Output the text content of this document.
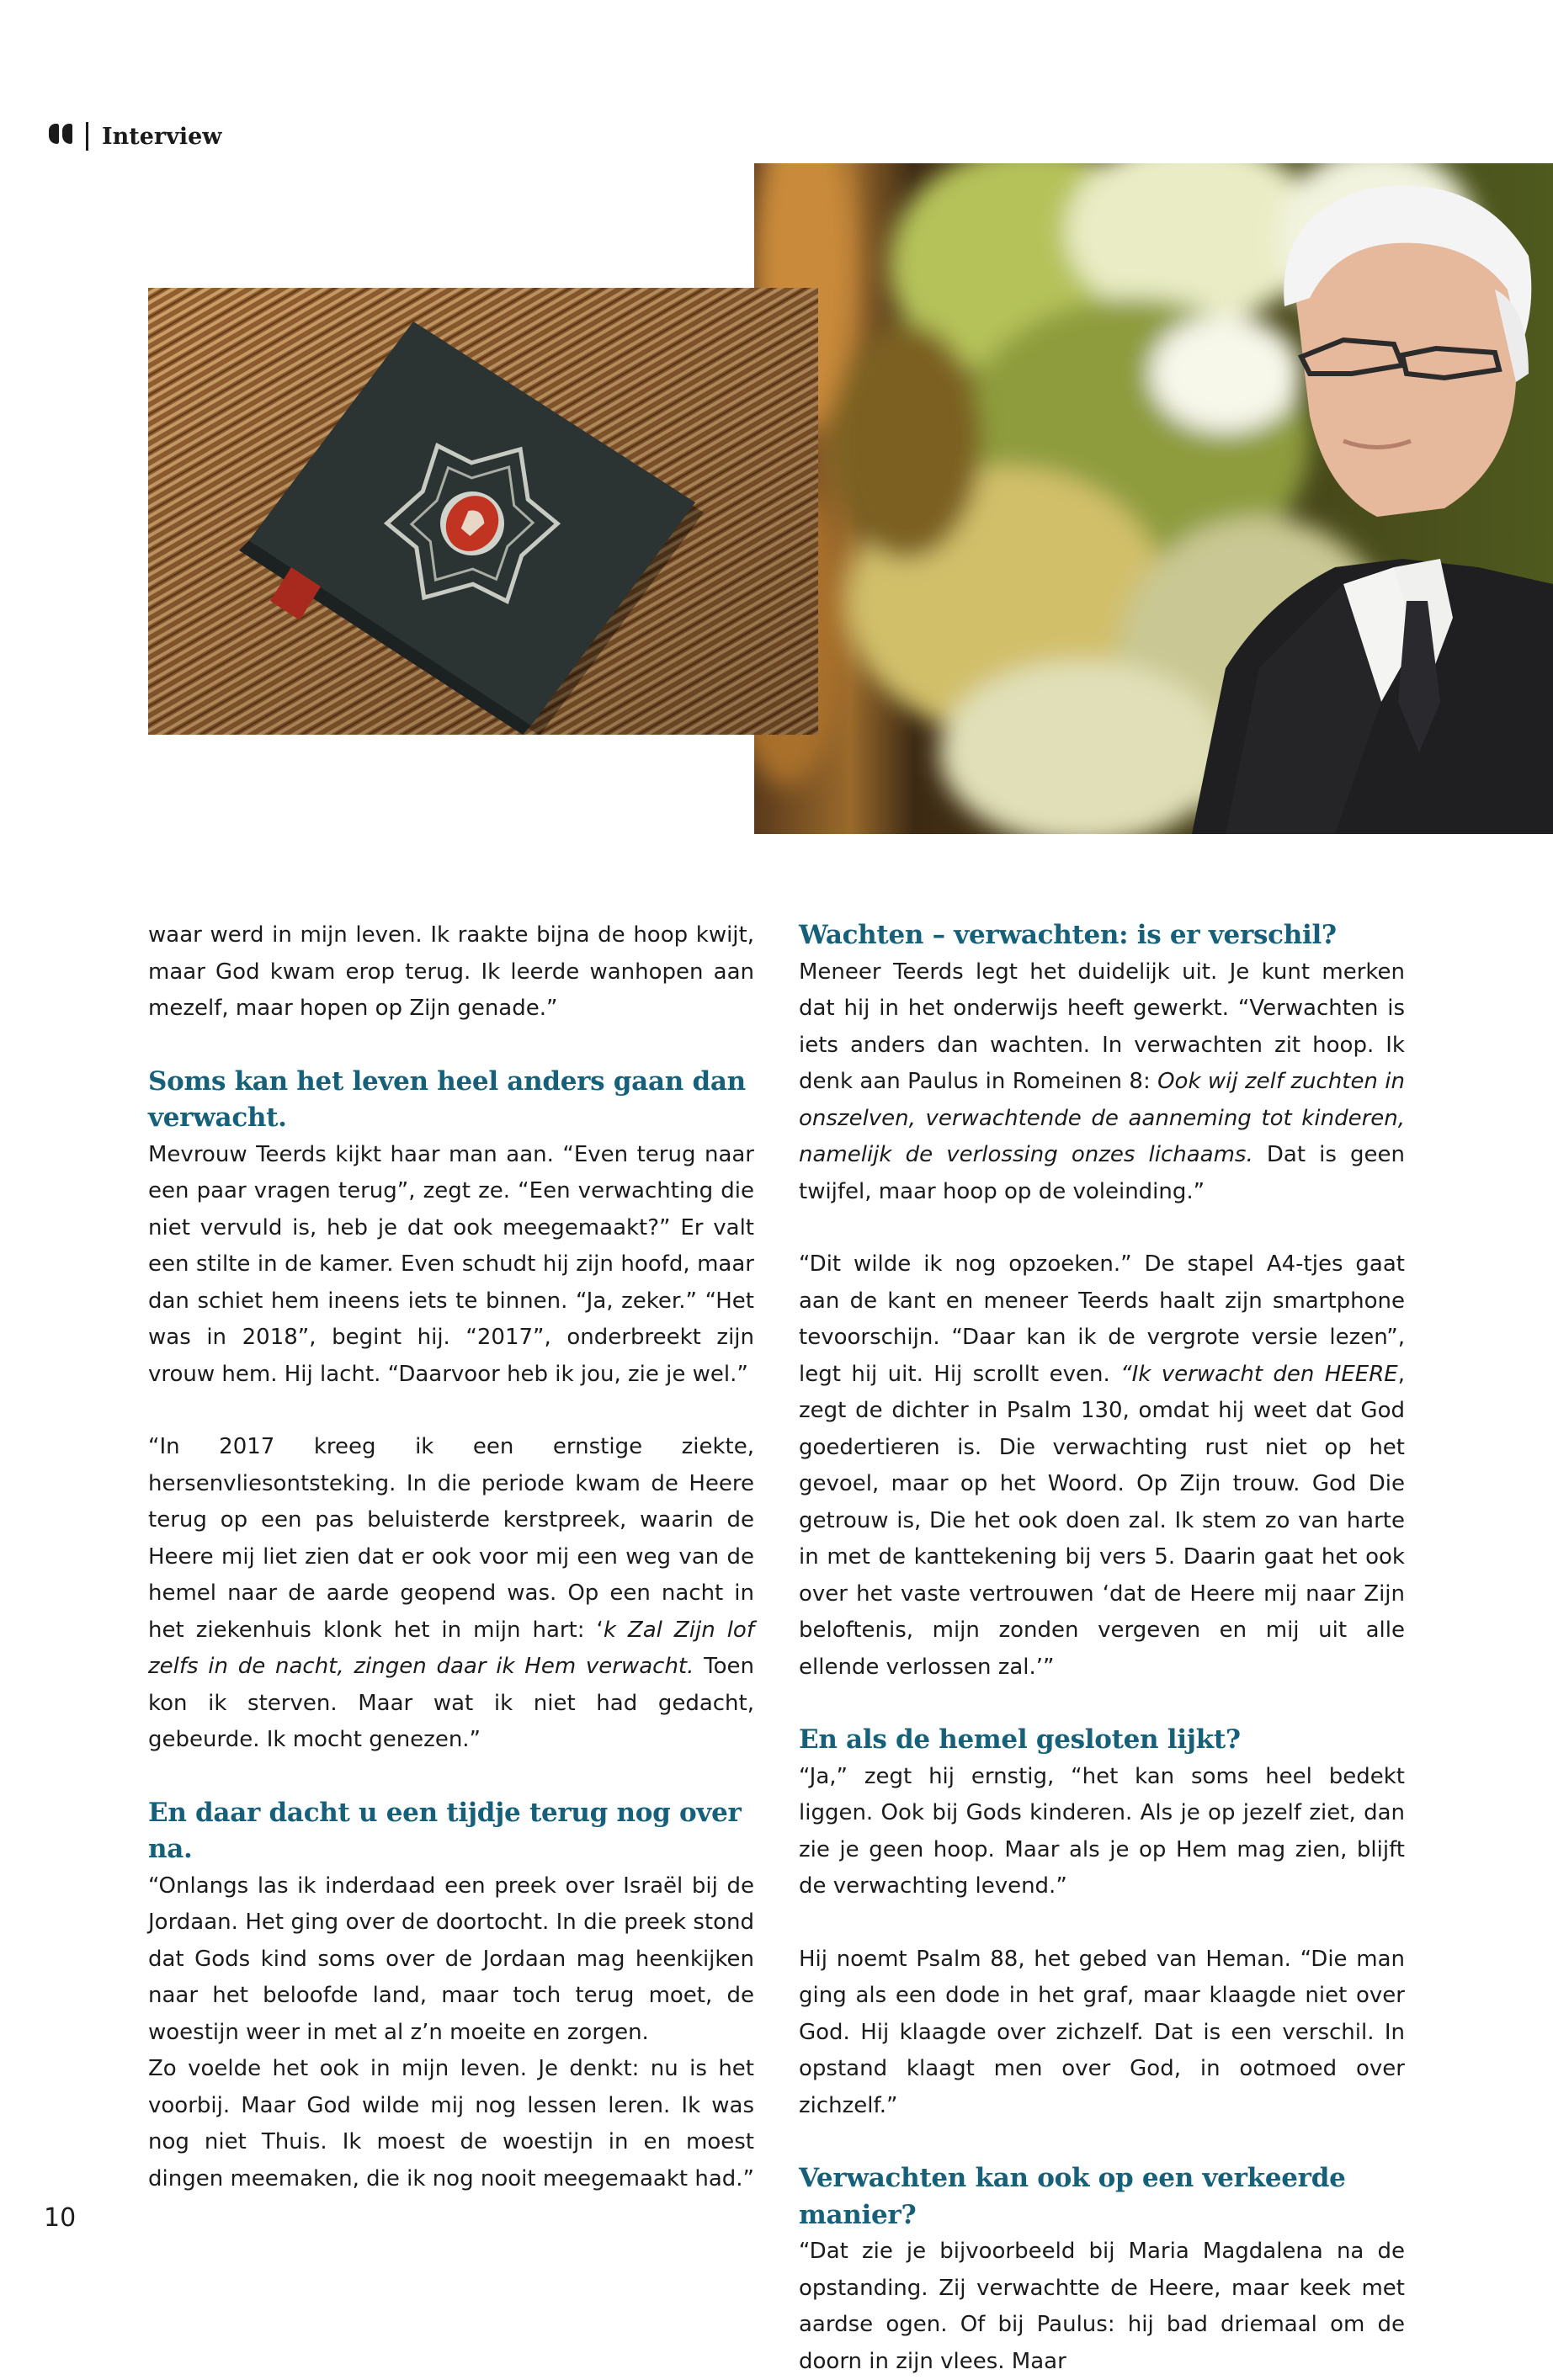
Interview

waar werd in mijn leven. Ik raakte bijna de hoop kwijt, maar God kwam erop terug. Ik leerde wanhopen aan mezelf, maar hopen op Zijn genade.”

Soms kan het leven heel anders gaan dan verwacht.

Mevrouw Teerds kijkt haar man aan. “Even terug naar een paar vragen terug”, zegt ze. “Een verwachting die niet vervuld is, heb je dat ook meegemaakt?” Er valt een stilte in de kamer. Even schudt hij zijn hoofd, maar dan schiet hem ineens iets te binnen. “Ja, zeker.” “Het was in 2018”, begint hij. “2017”, onderbreekt zijn vrouw hem. Hij lacht. “Daarvoor heb ik jou, zie je wel.”

“In 2017 kreeg ik een ernstige ziekte, hersenvliesontsteking. In die periode kwam de Heere terug op een pas beluisterde kerstpreek, waarin de Heere mij liet zien dat er ook voor mij een weg van de hemel naar de aarde geopend was. Op een nacht in het ziekenhuis klonk het in mijn hart: ‘k Zal Zijn lof zelfs in de nacht, zingen daar ik Hem verwacht. Toen kon ik sterven. Maar wat ik niet had gedacht, gebeurde. Ik mocht genezen.”

En daar dacht u een tijdje terug nog over na.

“Onlangs las ik inderdaad een preek over Israël bij de Jordaan. Het ging over de doortocht. In die preek stond dat Gods kind soms over de Jordaan mag heenkijken naar het beloofde land, maar toch terug moet, de woestijn weer in met al z’n moeite en zorgen.

Zo voelde het ook in mijn leven. Je denkt: nu is het voorbij. Maar God wilde mij nog lessen leren. Ik was nog niet Thuis. Ik moest de woestijn in en moest dingen meemaken, die ik nog nooit meegemaakt had.”

Wachten – verwachten: is er verschil?

Meneer Teerds legt het duidelijk uit. Je kunt merken dat hij in het onderwijs heeft gewerkt. “Verwachten is iets anders dan wachten. In verwachten zit hoop. Ik denk aan Paulus in Romeinen 8: Ook wij zelf zuchten in onszelven, verwachtende de aanneming tot kinderen, namelijk de verlossing onzes lichaams. Dat is geen twijfel, maar hoop op de voleinding.”

“Dit wilde ik nog opzoeken.” De stapel A4-tjes gaat aan de kant en meneer Teerds haalt zijn smartphone tevoorschijn. “Daar kan ik de vergrote versie lezen”, legt hij uit. Hij scrollt even. “Ik verwacht den HEERE, zegt de dichter in Psalm 130, omdat hij weet dat God goedertieren is. Die verwachting rust niet op het gevoel, maar op het Woord. Op Zijn trouw. God Die getrouw is, Die het ook doen zal. Ik stem zo van harte in met de kanttekening bij vers 5. Daarin gaat het ook over het vaste vertrouwen ‘dat de Heere mij naar Zijn beloftenis, mijn zonden vergeven en mij uit alle ellende verlossen zal.’”

En als de hemel gesloten lijkt?

“Ja,” zegt hij ernstig, “het kan soms heel bedekt liggen. Ook bij Gods kinderen. Als je op jezelf ziet, dan zie je geen hoop. Maar als je op Hem mag zien, blijft de verwachting levend.”

Hij noemt Psalm 88, het gebed van Heman. “Die man ging als een dode in het graf, maar klaagde niet over God. Hij klaagde over zichzelf. Dat is een verschil. In opstand klaagt men over God, in ootmoed over zichzelf.”

Verwachten kan ook op een verkeerde manier?

“Dat zie je bijvoorbeeld bij Maria Magdalena na de opstanding. Zij verwachtte de Heere, maar keek met aardse ogen. Of bij Paulus: hij bad driemaal om de doorn in zijn vlees. Maar

10
